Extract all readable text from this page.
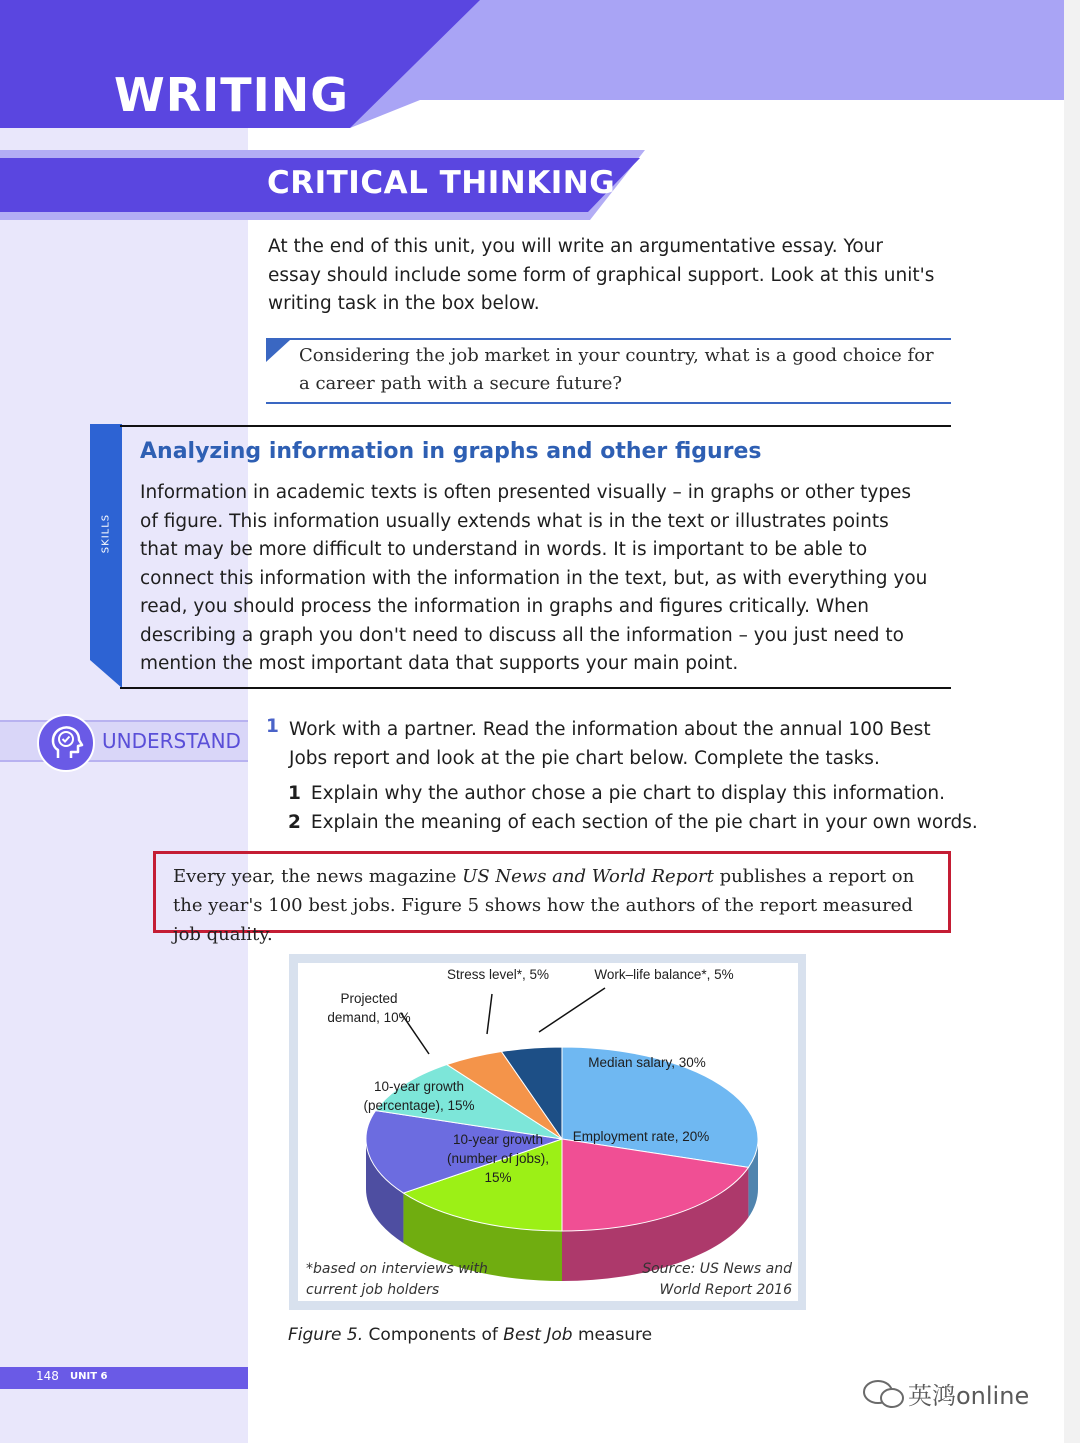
WRITING
CRITICAL THINKING
At the end of this unit, you will write an argumentative essay. Your essay should include some form of graphical support. Look at this unit's writing task in the box below.
Considering the job market in your country, what is a good choice for a career path with a secure future?
SKILLS
Analyzing information in graphs and other figures
Information in academic texts is often presented visually – in graphs or other types of figure. This information usually extends what is in the text or illustrates points that may be more difficult to understand in words. It is important to be able to connect this information with the information in the text, but, as with everything you read, you should process the information in graphs and figures critically. When describing a graph you don't need to discuss all the information – you just need to mention the most important data that supports your main point.
UNDERSTAND
1 Work with a partner. Read the information about the annual 100 Best Jobs report and look at the pie chart below. Complete the tasks.
1 Explain why the author chose a pie chart to display this information.
2 Explain the meaning of each section of the pie chart in your own words.
Every year, the news magazine US News and World Report publishes a report on the year's 100 best jobs. Figure 5 shows how the authors of the report measured job quality.
Median salary, 30%
Employment rate, 20%
10-year growth (number of jobs), 15%
10-year growth (percentage), 15%
Projected demand, 10%
Stress level*, 5%	Work–life balance*, 5%
*based on interviews with current job holders
Source: US News and World Report 2016
Figure 5. Components of Best Job measure
148 UNIT 6
英鸿online
